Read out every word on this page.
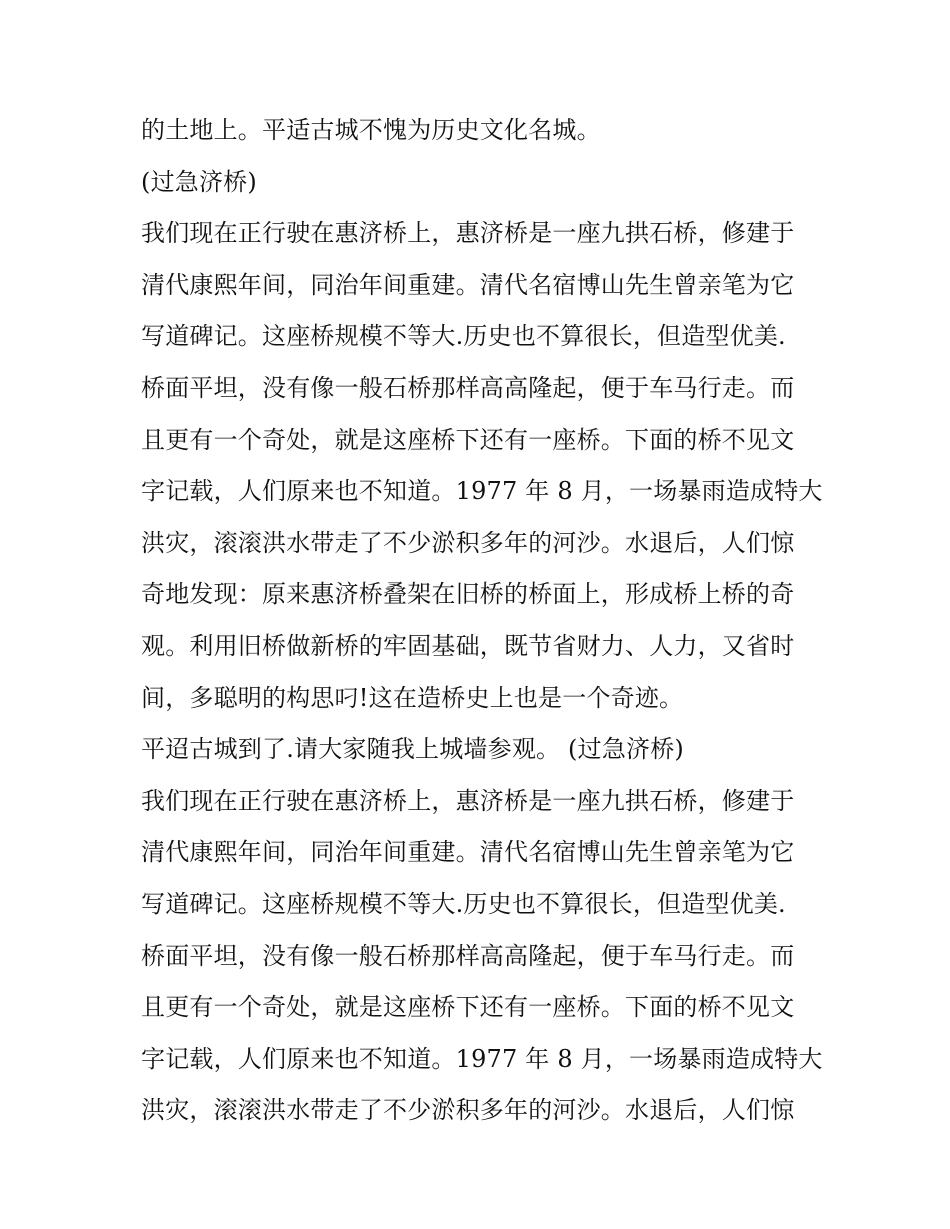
的土地上。平适古城不愧为历史文化名城。
(过急济桥)
我们现在正行驶在惠济桥上，惠济桥是一座九拱石桥，修建于
清代康熙年间，同治年间重建。清代名宿博山先生曾亲笔为它
写道碑记。这座桥规模不等大.历史也不算很长，但造型优美.
桥面平坦，没有像一般石桥那样高高隆起，便于车马行走。而
且更有一个奇处，就是这座桥下还有一座桥。下面的桥不见文
字记载，人们原来也不知道。1977 年 8 月，一场暴雨造成特大
洪灾，滚滚洪水带走了不少淤积多年的河沙。水退后，人们惊
奇地发现：原来惠济桥叠架在旧桥的桥面上，形成桥上桥的奇
观。利用旧桥做新桥的牢固基础，既节省财力、人力，又省时
间，多聪明的构思叼!这在造桥史上也是一个奇迹。
平迢古城到了.请大家随我上城墙参观。 (过急济桥)
我们现在正行驶在惠济桥上，惠济桥是一座九拱石桥，修建于
清代康熙年间，同治年间重建。清代名宿博山先生曾亲笔为它
写道碑记。这座桥规模不等大.历史也不算很长，但造型优美.
桥面平坦，没有像一般石桥那样高高隆起，便于车马行走。而
且更有一个奇处，就是这座桥下还有一座桥。下面的桥不见文
字记载，人们原来也不知道。1977 年 8 月，一场暴雨造成特大
洪灾，滚滚洪水带走了不少淤积多年的河沙。水退后，人们惊
